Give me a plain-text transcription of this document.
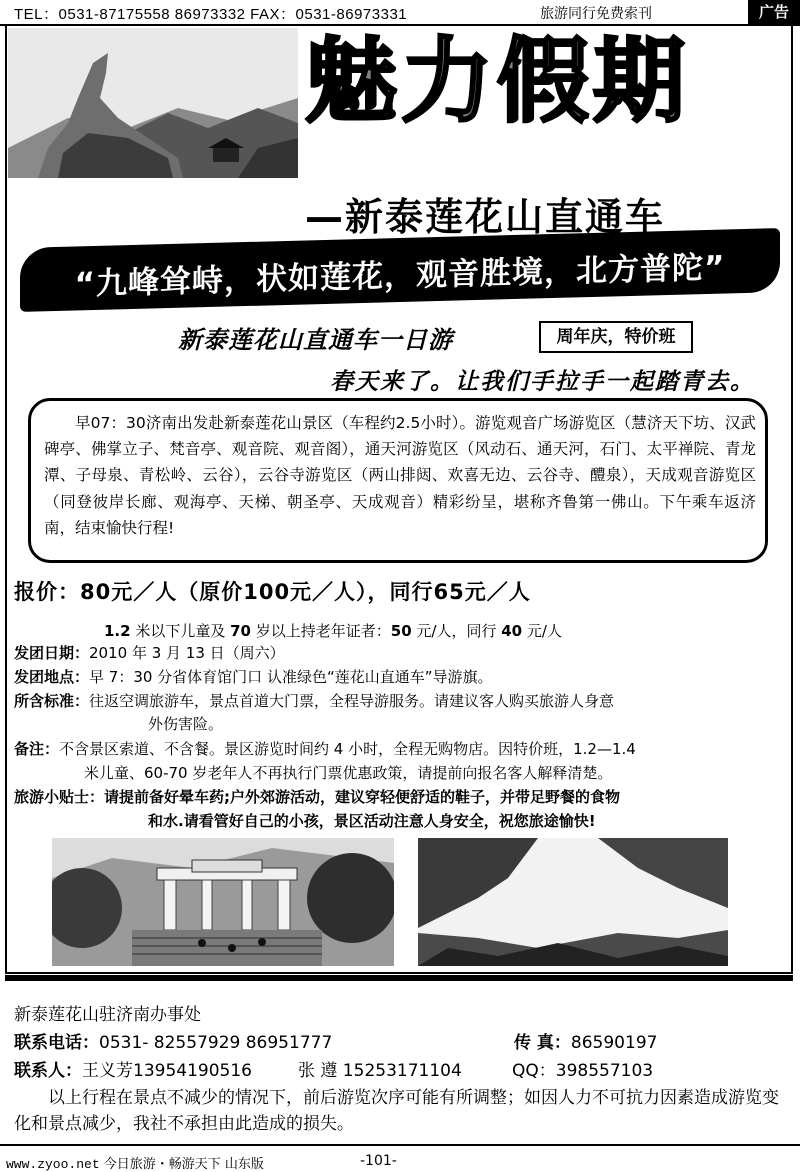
TEL：0531-87175558 86973332 FAX：0531-86973331	旅游同行免费索刊	广告
魅力假期
—新泰莲花山直通车
“九峰耸峙，状如莲花，观音胜境，北方普陀”
新泰莲花山直通车一日游	周年庆，特价班
春天来了。让我们手拉手一起踏青去。
早07：30济南出发赴新泰莲花山景区（车程约2.5小时）。游览观音广场游览区（慧济天下坊、汉武碑亭、佛掌立子、梵音亭、观音院、观音阁），通天河游览区（风动石、通天河，石门、太平禅院、青龙潭、子母泉、青松岭、云谷），云谷寺游览区（两山排闼、欢喜无边、云谷寺、醴泉），天成观音游览区（同登彼岸长廊、观海亭、天梯、朝圣亭、天成观音）精彩纷呈，堪称齐鲁第一佛山。下午乘车返济南，结束愉快行程!
报价：80元／人（原价100元／人），同行65元／人
1.2 米以下儿童及 70 岁以上持老年证者：50 元/人，同行 40 元/人
发团日期：2010 年 3 月 13 日（周六）
发团地点：早 7：30 分省体育馆门口 认准绿色“莲花山直通车”导游旗。
所含标准：往返空调旅游车，景点首道大门票，全程导游服务。请建议客人购买旅游人身意
外伤害险。
备注：不含景区索道、不含餐。景区游览时间约 4 小时，全程无购物店。因特价班，1.2—1.4
米儿童、60-70 岁老年人不再执行门票优惠政策，请提前向报名客人解释清楚。
旅游小贴士：请提前备好晕车药;户外郊游活动，建议穿轻便舒适的鞋子，并带足野餐的食物
和水.请看管好自己的小孩，景区活动注意人身安全，祝您旅途愉快!
新泰莲花山驻济南办事处
联系电话：0531- 82557929 86951777	传 真：86590197
联系人：王义芳13954190516	张 遵 15253171104	QQ：398557103
以上行程在景点不减少的情况下，前后游览次序可能有所调整；如因人力不可抗力因素造成游览变化和景点减少，我社不承担由此造成的损失。
www.zyoo.net 今日旅游・畅游天下 山东版	-101-
